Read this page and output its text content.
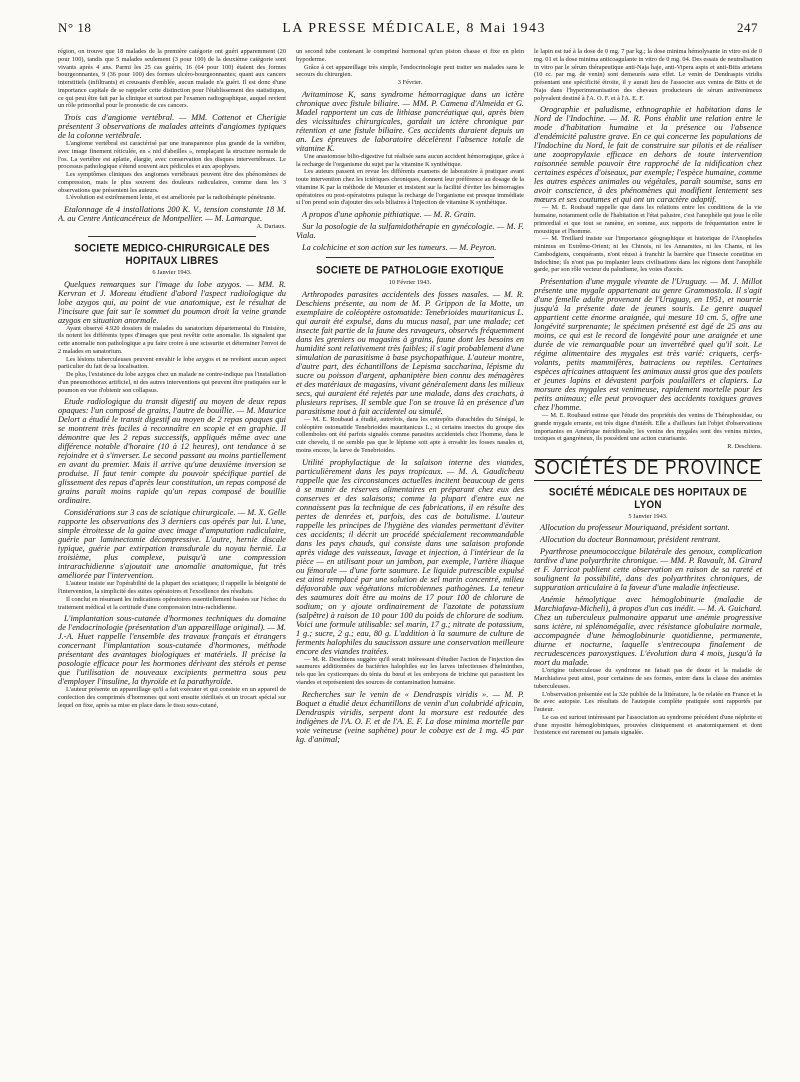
N° 18	LA PRESSE MÉDICALE, 8 Mai 1943	247

région, on trouve que 18 malades de la première catégorie ont guéri apparemment (20 pour 100), tandis que 5 malades seulement (3 pour 100) de la deuxième catégorie sont vivants après 4 ans. Parmi les 25 cas guéris, 16 (64 pour 100) étaient des formes bourgeonnantes, 9 (36 pour 100) des formes ulcéro-bourgeonnantes; quant aux cancers interstitiels (infiltrants) et creusants d'emblée, aucun malade n'a guéri. Il est donc d'une importance capitale de se rappeler cette distinction pour l'établissement des statistiques, ce qui peut être fait par la clinique et surtout par l'examen radiographique, auquel revient un rôle primordial pour le pronostic de ces cancers.

Trois cas d'angiome vertébral. — MM. Cottenot et Cherigie présentent 3 observations de malades atteints d'angiomes typiques de la colonne vertébrale.

L'angiome vertébral est caractérisé par une transparence plus grande de la vertèbre, avec image finement réticulée, en « nid d'abeilles », remplaçant la structure normale de l'os. La vertèbre est aplatie, élargie, avec conservation des disques intervertébraux. Le processus pathologique s'étend souvent aux pédicules et aux apophyses.

Les symptômes cliniques des angiomes vertébraux peuvent être des phénomènes de compression, mais le plus souvent des douleurs radiculaires, comme dans les 3 observations que présentent les auteurs.

L'évolution est extrêmement lente, et est améliorée par la radiothérapie pénétrante.

Etalonnage de 4 installations 200 K. V., tension constante 18 M. A. au Centre Anticancéreux de Montpellier. — M. Lamarque.

A. Dariaux.

SOCIETE MEDICO-CHIRURGICALE DES HOPITAUX LIBRES

6 Janvier 1943.

Quelques remarques sur l'image du lobe azygos. — MM. R. Kervran et J. Moreau étudient d'abord l'aspect radiologique du lobe azygos qui, au point de vue anatomique, est le résultat de l'incisure que fait sur le sommet du poumon droit la veine grande azygos en situation anormale.

Ayant observé 4.920 dossiers de malades du sanatorium départemental du Finistère, ils notent les différents types d'images que peut revêtir cette anomalie. Ils signalent que cette anomalie non pathologique a pu faire croire à une scissurite et déterminer l'envoi de 2 malades en sanatorium.

Les lésions tuberculeuses peuvent envahir le lobe azygos et ne revêtent aucun aspect particulier du fait de sa localisation.

De plus, l'existence du lobe azygos chez un malade ne contre-indique pas l'installation d'un pneumothorax artificiel, ni des autres interventions qui peuvent être pratiquées sur le poumon en vue d'obtenir son collapsus.

Etude radiologique du transit digestif au moyen de deux repas opaques: l'un composé de grains, l'autre de bouillie. — M. Maurice Delort a étudié le transit digestif au moyen de 2 repas opaques qui se montrent très faciles à reconnaître en scopie et en graphie. Il démontre que les 2 repas successifs, appliqués même avec une différence notable d'horaire (10 à 12 heures), ont tendance à se rejoindre et à s'inverser. Le second passant au moins partiellement en avant du premier. Mais il arrive qu'une deuxième inversion se produise. Il faut tenir compte du pouvoir spécifique partiel de glissement des repas d'après leur constitution, un repas composé de grains paraît moins rapide qu'un repas composé de bouillie ordinaire.

Considérations sur 3 cas de sciatique chirurgicale. — M. X. Gelle rapporte les observations des 3 derniers cas opérés par lui. L'une, simple étroitesse de la gaine avec image d'amputation radiculaire, guérie par laminectomie décompressive. L'autre, hernie discale typique, guérie par extirpation transdurale du noyau hernié. La troisième, plus complexe, puisqu'à une compression intrarachidienne s'ajoutait une anomalie anatomique, fut très améliorée par l'intervention.

L'auteur insiste sur l'opérabilité de la plupart des sciatiques; il rappelle la bénignité de l'intervention, la simplicité des suites opératoires et l'excellence des résultats.

Il conclut en résumant les indications opératoires essentiellement basées sur l'échec du traitement médical et la certitude d'une compression intra-rachidienne.

L'implantation sous-cutanée d'hormones techniques du domaine de l'endocrinologie (présentation d'un appareillage original). — M. J.-A. Huet rappelle l'ensemble des travaux français et étrangers concernant l'implantation sous-cutanée d'hormones, méthode présentant des avantages biologiques et matériels. Il précise la posologie efficace pour les hormones dérivant des stérols et pense que l'utilisation de nouveaux excipients permettra sous peu d'employer l'insuline, la thyroïde et la parathyroïde.

L'auteur présente un appareillage qu'il a fait exécuter et qui consiste en un appareil de confection des comprimés d'hormones qui sont ensuite stérilisés et un trocart spécial sur lequel on fixe, après sa mise en place dans le tissu sous-cutané,

un second tube contenant le comprimé hormonal qu'un piston chasse et fixe en plein hypoderme.

Grâce à cet appareillage très simple, l'endocrinologie peut traiter ses malades sans le secours du chirurgien.

3 Février.

Avitaminose K, sans syndrome hémorragique dans un ictère chronique avec fistule biliaire. — MM. P. Camena d'Almeida et G. Madel rapportent un cas de lithiase pancréatique qui, après bien des vicissitudes chirurgicales, gardait un ictère chronique par rétention et une fistule biliaire. Ces accidents duraient depuis un an. Les épreuves de laboratoire décelèrent l'absence totale de vitamine K.

Une anastomose bilio-digestive fut réalisée sans aucun accident hémorragique, grâce à la recharge de l'organisme du sujet par la vitamine K synthétique.

Les auteurs passent en revue les différents examens de laboratoire à pratiquer avant toute intervention chez les ictériques chroniques, donnent leur préférence au dosage de la vitamine K par la méthode de Meunier et insistent sur la facilité d'éviter les hémorragies opératoires ou post-opératoires puisque la recharge de l'organisme est presque immédiate si l'on prend soin d'ajouter des sels biliaires à l'injection de vitamine K synthétique.

A propos d'une aphonie pithiatique. — M. R. Grain.

Sur la posologie de la sulfamidothérapie en gynécologie. — M. F. Viala.

La colchicine et son action sur les tumeurs. — M. Peyron.

SOCIETE DE PATHOLOGIE EXOTIQUE

10 Février 1943.

Arthropodes parasites accidentels des fosses nasales. — M. R. Deschiens présente, au nom de M. P. Grippon de la Motte, un exemplaire de coléoptère ostomatide: Tenebrioides mauritanicus L. qui aurait été expulsé, dans du mucus nasal, par une malade; cet insecte fait partie de la faune des ravageurs, observés fréquemment dans les greniers ou magasins à grains, faune dont les besoins en humidité sont relativement très faibles; il s'agit probablement d'une simulation de parasitisme à base psychopathique. L'auteur montre, d'autre part, des échantillons de Lepisma saccharina, lépisme du sucre ou poisson d'argent, aphaniptère bien connu des ménagères et des matériaux de magasins, vivant généralement dans les milieux secs, qui auraient été rejetés par une malade, dans des crachats, à plusieurs reprises. Il semble que l'on se trouve là en présence d'un parasitisme tout à fait accidentel ou simulé.

— M. E. Roubaud a étudié, autrefois, dans les entrepôts d'arachides du Sénégal, le coléoptère ostomatide Tenebrioides mauritanicus L.; si certains insectes du groupe des collemboles ont été parfois signalés comme parasites accidentels chez l'homme, dans le cuir chevelu, il ne semble pas que le lépisme soit apte à envahir les fosses nasales et, moins encore, la larve de Tenebrioides.

Utilité prophylactique de la salaison interne des viandes, particulièrement dans les pays tropicaux. — M. A. Gaudicheau rappelle que les circonstances actuelles incitent beaucoup de gens à se munir de réserves alimentaires en préparant chez eux des conserves et des salaisons; comme la plupart d'entre eux ne connaissent pas la technique de ces fabrications, il en résulte des pertes de denrées et, parfois, des cas de botulisme. L'auteur rappelle les principes de l'hygiène des viandes permettant d'éviter ces accidents; il décrit un procédé spécialement recommandable dans les pays chauds, qui consiste dans une salaison profonde après vidage des vaisseaux, lavage et injection, à l'intérieur de la pièce — en utilisant pour un jambon, par exemple, l'artère iliaque ou fémorale — d'une forte saumure. Le liquide putrescible expulsé est ainsi remplacé par une solution de sel marin concentré, milieu défavorable aux végétations microbiennes pathogènes. La teneur des saumures doit être au moins de 17 pour 100 de chlorure de sodium; on y ajoute ordinairement de l'azotate de potassium (salpêtre) à raison de 10 pour 100 du poids de chlorure de sodium. Voici une formule utilisable: sel marin, 17 g.; nitrate de potassium, 1 g.; sucre, 2 g.; eau, 80 g. L'addition à la saumure de culture de ferments halophiles du saucisson assure une conservation meilleure encore des viandes traitées.

— M. R. Deschiens suggère qu'il serait intéressant d'étudier l'action de l'injection des saumures additionnées de bactéries halophiles sur les larves infectieuses d'helminthes, tels que les cysticerques du ténia du bœuf et les embryons de trichine qui parasitent les viandes et représentent des sources de contamination humaine.

Recherches sur le venin de « Dendraspis viridis ». — M. P. Boquet a étudié deux échantillons de venin d'un colubridé africain, Dendraspis viridis, serpent dont la morsure est redoutée des indigènes de l'A. O. F. et de l'A. E. F. La dose minima mortelle par voie veineuse (veine saphène) pour le cobaye est de 1 mg. 45 par kg. d'animal;

le lapin est tué à la dose de 0 mg. 7 par kg.; la dose minima hémolysante in vitro est de 0 mg. 01 et la dose minima anticoagulante in vitro de 0 mg. 04. Des essais de neutralisation in vitro par le sérum thérapeutique anti-Naja haje, anti-Vipera aspis et anti-Bitis arietans (10 cc. par mg. de venin) sont demeurés sans effet. Le venin de Dendraspis viridis présentant une spécificité étroite, il y aurait lieu de l'associer aux venins de Bitis et de Naja dans l'hyperimmunisation des chevaux producteurs de sérum antivenimeux polyvalent destiné à l'A. O. F. et à l'A. E. F.

Orographie et paludisme, ethnographie et habitation dans le Nord de l'Indochine. — M. R. Pons établit une relation entre le mode d'habitation humaine et la présence ou l'absence d'endémicité palustre grave. En ce qui concerne les populations de l'Indochine du Nord, le fait de construire sur pilotis et de réaliser une zoopropylaxie efficace en dehors de toute intervention raisonnée semble pouvoir être rapproché de la nidification chez certaines espèces d'oiseaux, par exemple; l'espèce humaine, comme les autres espèces animales ou végétales, paraît soumise, sans en avoir conscience, à des phénomènes qui modifient lentement ses mœurs et ses coutumes et qui ont un caractère adaptif.

— M. E. Roubaud rappelle que dans les relations entre les conditions de la vie humaine, notamment celle de l'habitation et l'état palustre, c'est l'anophèle qui joue le rôle primordial et que tout se ramène, en somme, aux rapports de fréquentation entre le moustique et l'homme.

— M. Treillard insiste sur l'importance géographique et historique de l'Anopheles minimus en Extrême-Orient; ni les Chinois, ni les Annamites, ni les Chams, ni les Cambodgiens, conquérants, n'ont réussi à franchir la barrière que l'insecte constitue en Indochine; ils n'ont pas pu implanter leurs civilisations dans les régions dont l'anophèle garde, par son rôle vecteur du paludisme, les voies d'accès.

Présentation d'une mygale vivante de l'Uruguay. — M. J. Millot présente une mygale appartenant au genre Grammostola. Il s'agit d'une femelle adulte provenant de l'Uruguay, en 1951, et nourrie jusqu'à la présente date de jeunes souris. Le genre auquel appartient cette énorme araignée, qui mesure 10 cm. 5, offre une longévité surprenante; le spécimen présenté est âgé de 25 ans au moins, ce qui est le record de longévité pour une araignée et une durée de vie remarquable pour un invertébré quel qu'il soit. Le régime alimentaire des mygales est très varié: criquets, cerfs-volants, petits mammifères, batraciens ou reptiles. Certaines espèces africaines attaquent les animaux aussi gros que des poulets et jeunes lapins et dévastent parfois poulaillers et clapiers. La morsure des mygales est venimeuse, rapidement mortelle pour les petits animaux; elle peut provoquer des accidents toxiques graves chez l'homme.

— M. E. Roubaud estime que l'étude des propriétés des venins de Théraphosidae, ou grande mygale errante, est très digne d'intérêt. Elle a d'ailleurs fait l'objet d'observations importantes en Amérique méridionale; les venins des mygales sont des venins mixtes, toxiques et gangréneux, ils possèdent une action curarisante.

R. Deschiens.

SOCIÉTÉS DE PROVINCE
SOCIÉTÉ MÉDICALE DES HOPITAUX DE LYON

5 Janvier 1943.

Allocution du professeur Mouriquand, président sortant.

Allocution du docteur Bonnamour, président rentrant.

Pyarthrose pneumococcique bilatérale des genoux, complication tardive d'une polyarthrite chronique. — MM. P. Ravault, M. Girard et F. Jarricot publient cette observation en raison de sa rareté et soulignent la possibilité, dans des polyarthrites chroniques, de suppuration articulaire à la faveur d'une maladie infectieuse.

Anémie hémolytique avec hémoglobinurie (maladie de Marchiafava-Micheli), à propos d'un cas inédit. — M. A. Guichard. Chez un tuberculeux pulmonaire apparut une anémie progressive sans ictère, ni splénomégalie, avec résistance globulaire normale, accompagnée d'une hémoglobinurie quotidienne, permanente, diurne et nocturne, laquelle s'entrecoupa finalement de recrudescences paroxystiques. L'évolution dura 4 mois, jusqu'à la mort du malade.

L'origine tuberculeuse du syndrome ne faisait pas de doute et la maladie de Marchiafava peut ainsi, pour certaines de ses formes, entrer dans la classe des anémies tuberculeuses.

L'observation présentée est la 32e publiée de la littérature, la 6e relatée en France et la 8e avec autopsie. Les résultats de l'autopsie complète pratiquée sont rapportés par l'auteur.

Le cas est surtout intéressant par l'association au syndrome précédent d'une néphrite et d'une myosite hémoglobiniques, prouvées cliniquement et anatomiquement et dont l'existence est rarement ou jamais signalée.
